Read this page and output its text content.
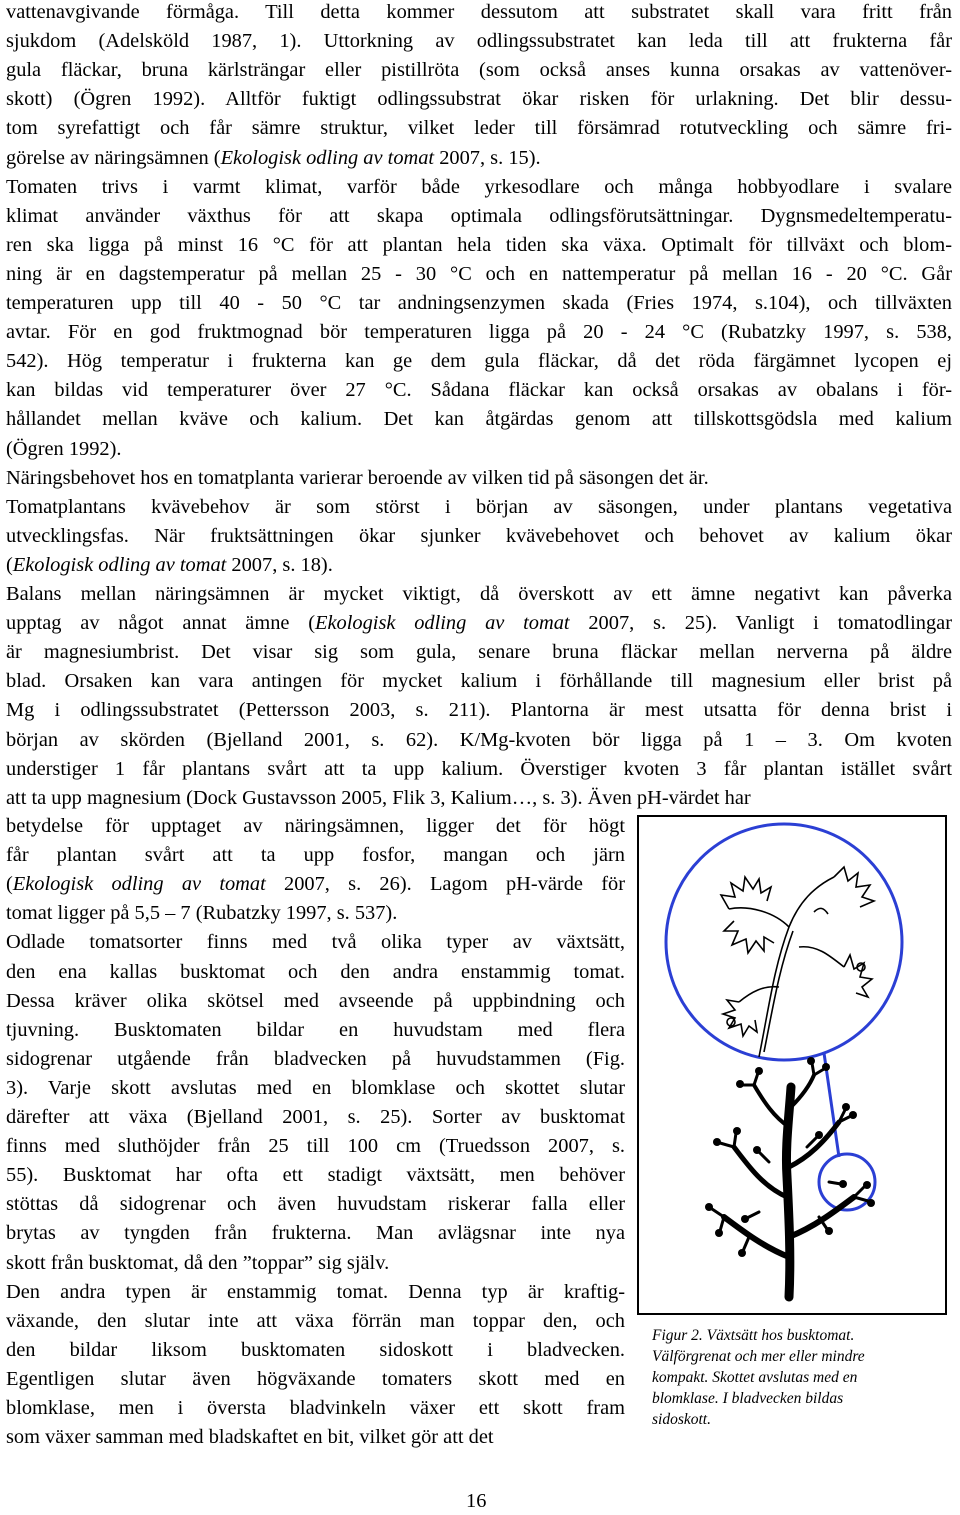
vattenavgivande förmåga. Till detta kommer dessutom att substratet skall vara fritt från
sjukdom (Adelsköld 1987, 1). Uttorkning av odlingssubstratet kan leda till att frukterna får
gula fläckar, bruna kärlsträngar eller pistillröta (som också anses kunna orsakas av vattenöver-
skott) (Ögren 1992). Alltför fuktigt odlingssubstrat ökar risken för urlakning. Det blir dessu-
tom syrefattigt och får sämre struktur, vilket leder till försämrad rotutveckling och sämre fri-
görelse av näringsämnen (Ekologisk odling av tomat 2007, s. 15).
Tomaten trivs i varmt klimat, varför både yrkesodlare och många hobbyodlare i svalare
klimat använder växthus för att skapa optimala odlingsförutsättningar. Dygnsmedeltemperatu-
ren ska ligga på minst 16 °C för att plantan hela tiden ska växa. Optimalt för tillväxt och blom-
ning är en dagstemperatur på mellan 25 - 30 °C och en nattemperatur på mellan 16 - 20 °C. Går
temperaturen upp till 40 - 50 °C tar andningsenzymen skada (Fries 1974, s.104), och tillväxten
avtar. För en god fruktmognad bör temperaturen ligga på 20 - 24 °C (Rubatzky 1997, s. 538,
542). Hög temperatur i frukterna kan ge dem gula fläckar, då det röda färgämnet lycopen ej
kan bildas vid temperaturer över 27 °C. Sådana fläckar kan också orsakas av obalans i för-
hållandet mellan kväve och kalium. Det kan åtgärdas genom att tillskottsgödsla med kalium
(Ögren 1992).
Näringsbehovet hos en tomatplanta varierar beroende av vilken tid på säsongen det är.
Tomatplantans kvävebehov är som störst i början av säsongen, under plantans vegetativa
utvecklingsfas. När fruktsättningen ökar sjunker kvävebehovet och behovet av kalium ökar
(Ekologisk odling av tomat 2007, s. 18).
Balans mellan näringsämnen är mycket viktigt, då överskott av ett ämne negativt kan påverka
upptag av något annat ämne (Ekologisk odling av tomat 2007, s. 25). Vanligt i tomatodlingar
är magnesiumbrist. Det visar sig som gula, senare bruna fläckar mellan nerverna på äldre
blad. Orsaken kan vara antingen för mycket kalium i förhållande till magnesium eller brist på
Mg i odlingssubstratet (Pettersson 2003, s. 211). Plantorna är mest utsatta för denna brist i
början av skörden (Bjelland 2001, s. 62). K/Mg-kvoten bör ligga på 1 – 3. Om kvoten
understiger 1 får plantans svårt att ta upp kalium. Överstiger kvoten 3 får plantan istället svårt
att ta upp magnesium (Dock Gustavsson 2005, Flik 3, Kalium…, s. 3). Även pH-värdet har
betydelse för upptaget av näringsämnen, ligger det för högt
får plantan svårt att ta upp fosfor, mangan och järn
(Ekologisk odling av tomat 2007, s. 26). Lagom pH-värde för
tomat ligger på 5,5 – 7 (Rubatzky 1997, s. 537).
Odlade tomatsorter finns med två olika typer av växtsätt,
den ena kallas busktomat och den andra enstammig tomat.
Dessa kräver olika skötsel med avseende på uppbindning och
tjuvning. Busktomaten bildar en huvudstam med flera
sidogrenar utgående från bladvecken på huvudstammen (Fig.
3). Varje skott avslutas med en blomklase och skottet slutar
därefter att växa (Bjelland 2001, s. 25). Sorter av busktomat
finns med sluthöjder från 25 till 100 cm (Truedsson 2007, s.
55). Busktomat har ofta ett stadigt växtsätt, men behöver
stöttas då sidogrenar och även huvudstam riskerar falla eller
brytas av tyngden från frukterna. Man avlägsnar inte nya
skott från busktomat, då den ”toppar” sig själv.
Den andra typen är enstammig tomat. Denna typ är kraftig-
växande, den slutar inte att växa förrän man toppar den, och
den bildar liksom busktomaten sidoskott i bladvecken.
Egentligen slutar även högväxande tomaters skott med en
blomklase, men i översta bladvinkeln växer ett skott fram
som växer samman med bladskaftet en bit, vilket gör att det
Figur 2. Växtsätt hos busktomat.
Välförgrenat och mer eller mindre
kompakt. Skottet avslutas med en
blomklase. I bladvecken bildas
sidoskott.
16
